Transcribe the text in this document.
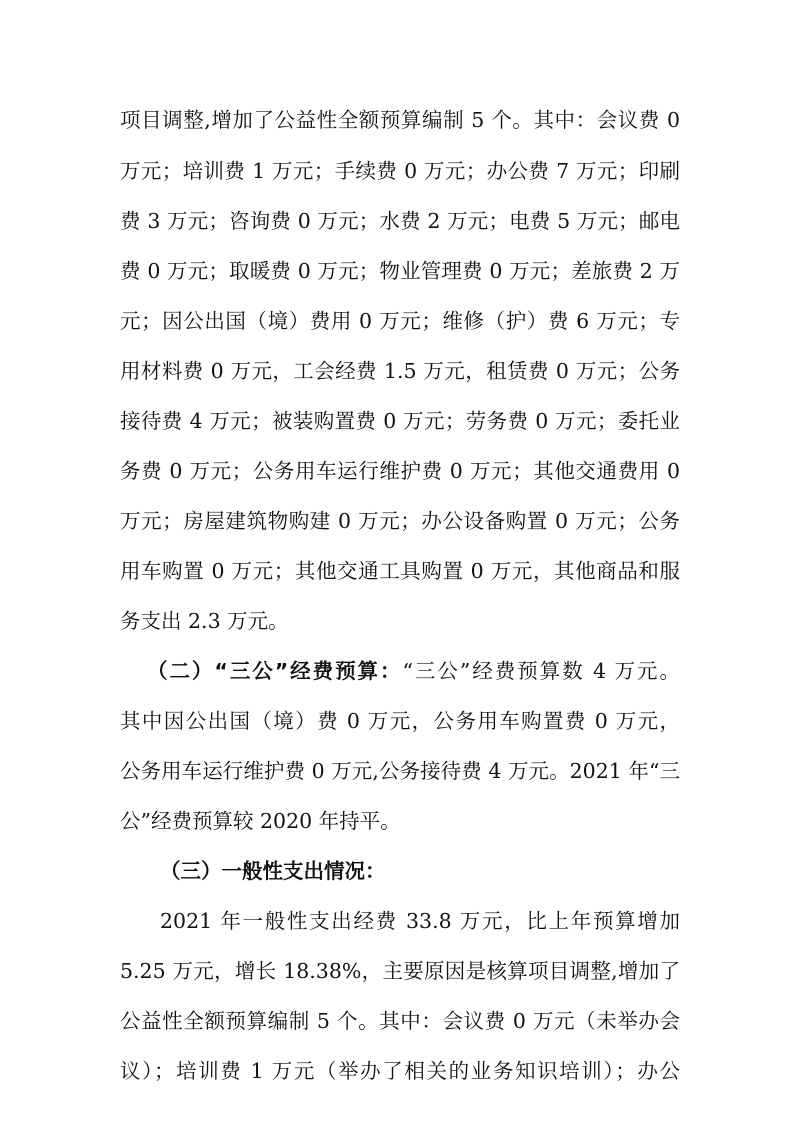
项目调整,增加了公益性全额预算编制 5 个。其中：会议费 0
万元；培训费 1 万元；手续费 0 万元；办公费 7 万元；印刷
费 3 万元；咨询费 0 万元；水费 2 万元；电费 5 万元；邮电
费 0 万元；取暖费 0 万元；物业管理费 0 万元；差旅费 2 万
元；因公出国（境）费用 0 万元；维修（护）费 6 万元；专
用材料费 0 万元，工会经费 1.5 万元，租赁费 0 万元；公务
接待费 4 万元；被装购置费 0 万元；劳务费 0 万元；委托业
务费 0 万元；公务用车运行维护费 0 万元；其他交通费用 0
万元；房屋建筑物购建 0 万元；办公设备购置 0 万元；公务
用车购置 0 万元；其他交通工具购置 0 万元，其他商品和服
务支出 2.3 万元。
（二）“三公”经费预算：“三公”经费预算数 4 万元。
其中因公出国（境）费 0 万元，公务用车购置费 0 万元，
公务用车运行维护费 0 万元,公务接待费 4 万元。2021 年“三
公”经费预算较 2020 年持平。
（三）一般性支出情况：
2021 年一般性支出经费 33.8 万元，比上年预算增加
5.25 万元，增长 18.38%，主要原因是核算项目调整,增加了
公益性全额预算编制 5 个。其中：会议费 0 万元（未举办会
议）；培训费 1 万元（举办了相关的业务知识培训）；办公
